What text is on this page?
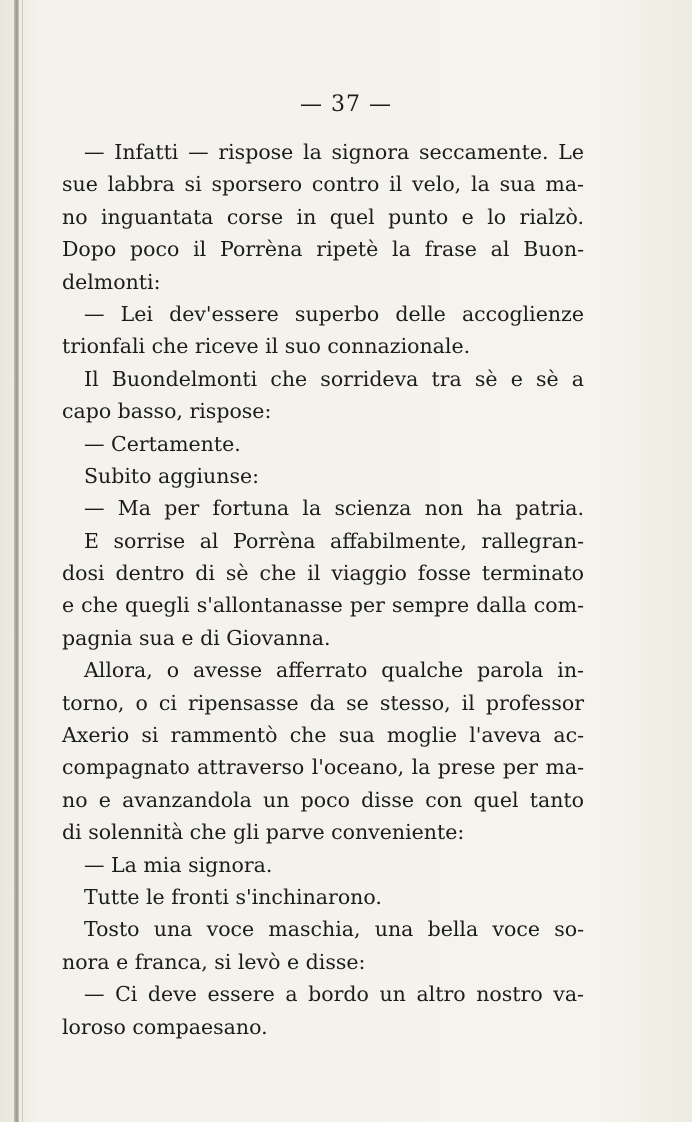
— 37 —
— Infatti — rispose la signora seccamente. Le
sue labbra si sporsero contro il velo, la sua ma-
no inguantata corse in quel punto e lo rialzò.
Dopo poco il Porrèna ripetè la frase al Buon-
delmonti:
— Lei dev'essere superbo delle accoglienze
trionfali che riceve il suo connazionale.
Il Buondelmonti che sorrideva tra sè e sè a
capo basso, rispose:
— Certamente.
Subito aggiunse:
— Ma per fortuna la scienza non ha patria.
E sorrise al Porrèna affabilmente, rallegran-
dosi dentro di sè che il viaggio fosse terminato
e che quegli s'allontanasse per sempre dalla com-
pagnia sua e di Giovanna.
Allora, o avesse afferrato qualche parola in-
torno, o ci ripensasse da se stesso, il professor
Axerio si rammentò che sua moglie l'aveva ac-
compagnato attraverso l'oceano, la prese per ma-
no e avanzandola un poco disse con quel tanto
di solennità che gli parve conveniente:
— La mia signora.
Tutte le fronti s'inchinarono.
Tosto una voce maschia, una bella voce so-
nora e franca, si levò e disse:
— Ci deve essere a bordo un altro nostro va-
loroso compaesano.
